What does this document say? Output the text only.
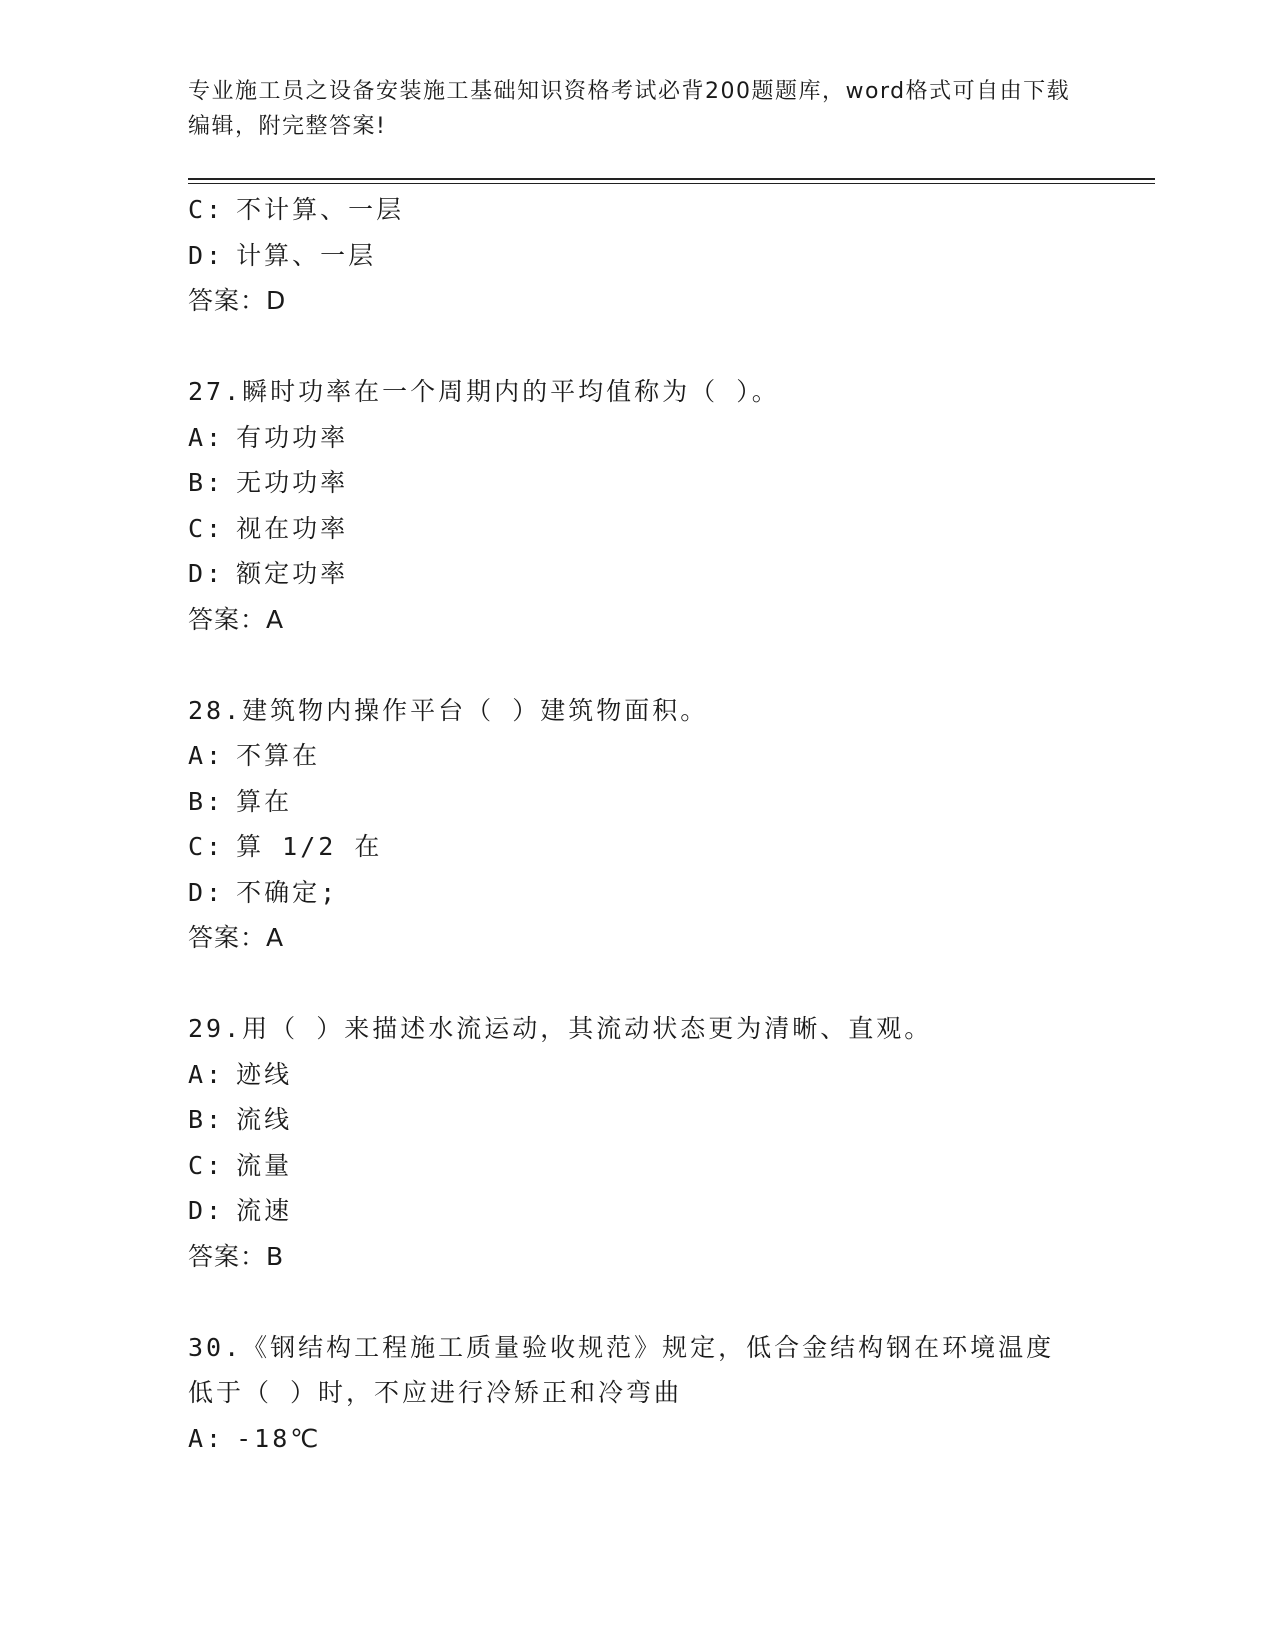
专业施工员之设备安装施工基础知识资格考试必背200题题库，word格式可自由下载编辑，附完整答案!
C: 不计算、一层
D: 计算、一层
答案：D
27.瞬时功率在一个周期内的平均值称为（ ）。
A: 有功功率
B: 无功功率
C: 视在功率
D: 额定功率
答案：A
28.建筑物内操作平台（ ）建筑物面积。
A: 不算在
B: 算在
C: 算 1/2 在
D: 不确定;
答案：A
29.用（ ）来描述水流运动，其流动状态更为清晰、直观。
A: 迹线
B: 流线
C: 流量
D: 流速
答案：B
30.《钢结构工程施工质量验收规范》规定，低合金结构钢在环境温度低于（ ）时，不应进行冷矫正和冷弯曲
A: -18℃
